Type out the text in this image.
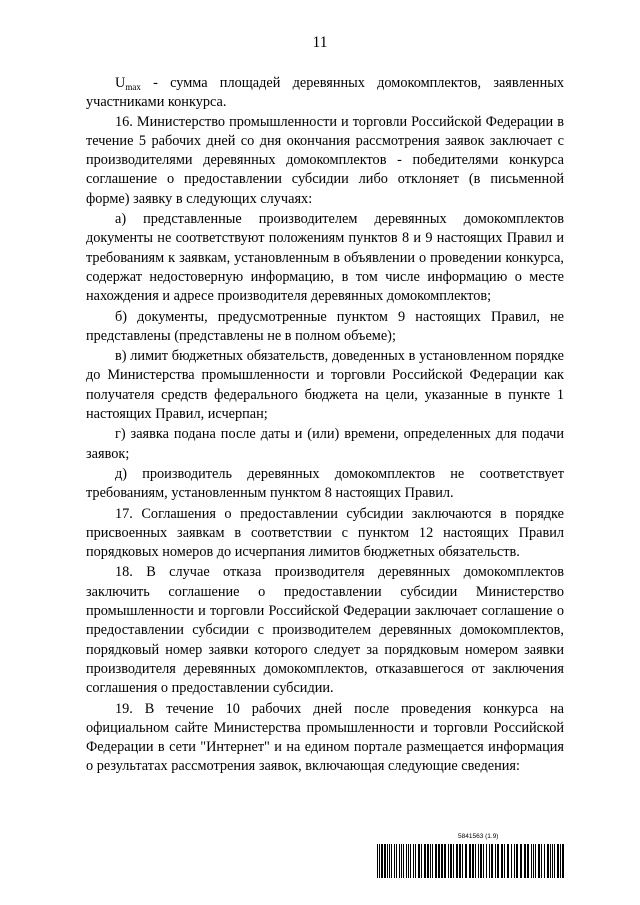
11

$U_{max}$ - сумма площадей деревянных домокомплектов, заявленных участниками конкурса.

16. Министерство промышленности и торговли Российской Федерации в течение 5 рабочих дней со дня окончания рассмотрения заявок заключает с производителями деревянных домокомплектов - победителями конкурса соглашение о предоставлении субсидии либо отклоняет (в письменной форме) заявку в следующих случаях:

а) представленные производителем деревянных домокомплектов документы не соответствуют положениям пунктов 8 и 9 настоящих Правил и требованиям к заявкам, установленным в объявлении о проведении конкурса, содержат недостоверную информацию, в том числе информацию о месте нахождения и адресе производителя деревянных домокомплектов;

б) документы, предусмотренные пунктом 9 настоящих Правил, не представлены (представлены не в полном объеме);

в) лимит бюджетных обязательств, доведенных в установленном порядке до Министерства промышленности и торговли Российской Федерации как получателя средств федерального бюджета на цели, указанные в пункте 1 настоящих Правил, исчерпан;

г) заявка подана после даты и (или) времени, определенных для подачи заявок;

д) производитель деревянных домокомплектов не соответствует требованиям, установленным пунктом 8 настоящих Правил.

17. Соглашения о предоставлении субсидии заключаются в порядке присвоенных заявкам в соответствии с пунктом 12 настоящих Правил порядковых номеров до исчерпания лимитов бюджетных обязательств.

18. В случае отказа производителя деревянных домокомплектов заключить соглашение о предоставлении субсидии Министерство промышленности и торговли Российской Федерации заключает соглашение о предоставлении субсидии с производителем деревянных домокомплектов, порядковый номер заявки которого следует за порядковым номером заявки производителя деревянных домокомплектов, отказавшегося от заключения соглашения о предоставлении субсидии.

19. В течение 10 рабочих дней после проведения конкурса на официальном сайте Министерства промышленности и торговли Российской Федерации в сети "Интернет" и на едином портале размещается информация о результатах рассмотрения заявок, включающая следующие сведения:

5841563 (1.9)
